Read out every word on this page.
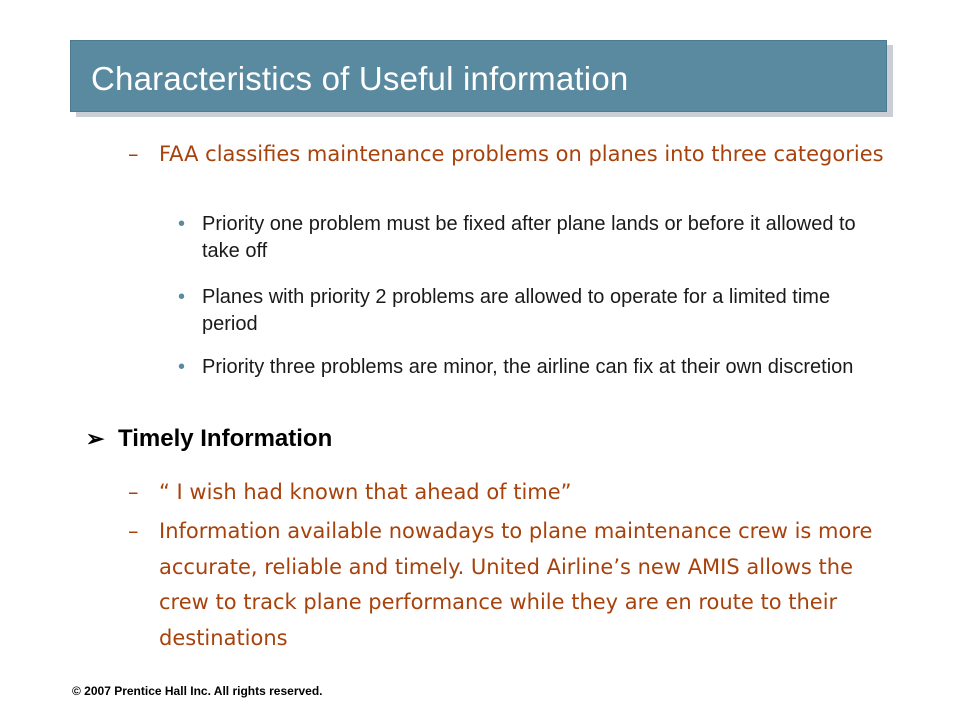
Characteristics of Useful information
– FAA classifies maintenance problems on planes into three categories
• Priority one problem must be fixed after plane lands or before it allowed to take off
• Planes with priority 2 problems are allowed to operate for a limited time period
• Priority three problems are minor, the airline can fix at their own discretion
➢ Timely Information
– “ I wish had known that ahead of time”
– Information available nowadays to plane maintenance crew is more accurate, reliable and timely. United Airline’s new AMIS allows the crew to track plane performance while they are en route to their destinations
© 2007 Prentice Hall Inc. All rights reserved.
